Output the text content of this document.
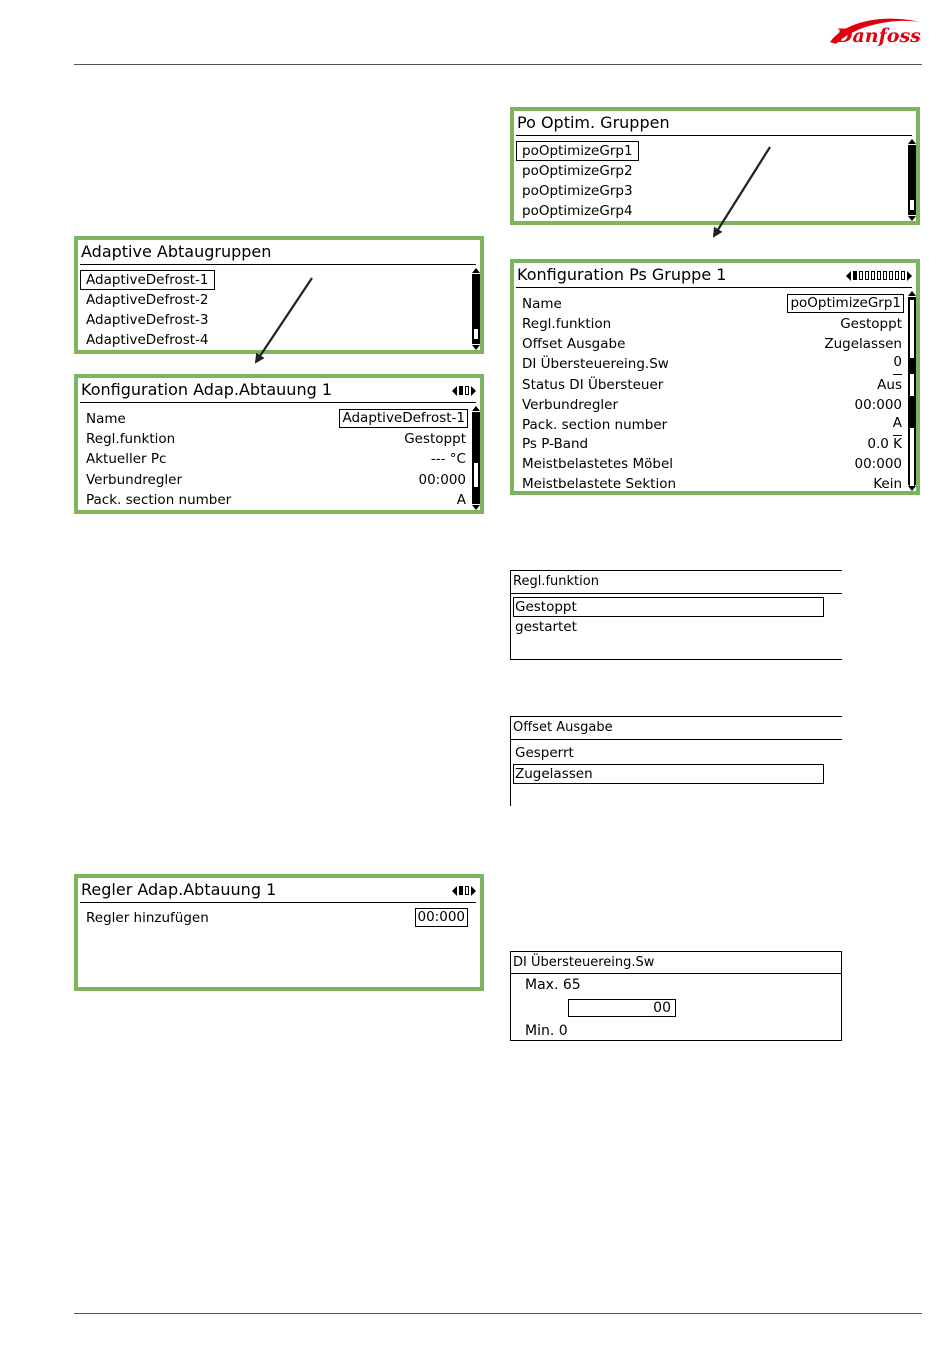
Danfoss
Adaptive Abtaugruppen
AdaptiveDefrost-1
AdaptiveDefrost-2
AdaptiveDefrost-3
AdaptiveDefrost-4
Konfiguration Adap.Abtauung 1
Name	AdaptiveDefrost-1
Regl.funktion	Gestoppt
Aktueller Pc	--- °C
Verbundregler	00:000
Pack. section number	A
Regler Adap.Abtauung 1
Regler hinzufügen	00:000
Po Optim. Gruppen
poOptimizeGrp1
poOptimizeGrp2
poOptimizeGrp3
poOptimizeGrp4
Konfiguration Ps Gruppe 1
Name	poOptimizeGrp1
Regl.funktion	Gestoppt
Offset Ausgabe	Zugelassen
DI Übersteuereing.Sw	0
Status DI Übersteuer	Aus
Verbundregler	00:000
Pack. section number	A
Ps P-Band	0.0 K
Meistbelastetes Möbel	00:000
Meistbelastete Sektion	Kein
Regl.funktion
Gestoppt
gestartet
Offset Ausgabe
Gesperrt
Zugelassen
DI Übersteuereing.Sw
Max. 65
00
Min. 0
